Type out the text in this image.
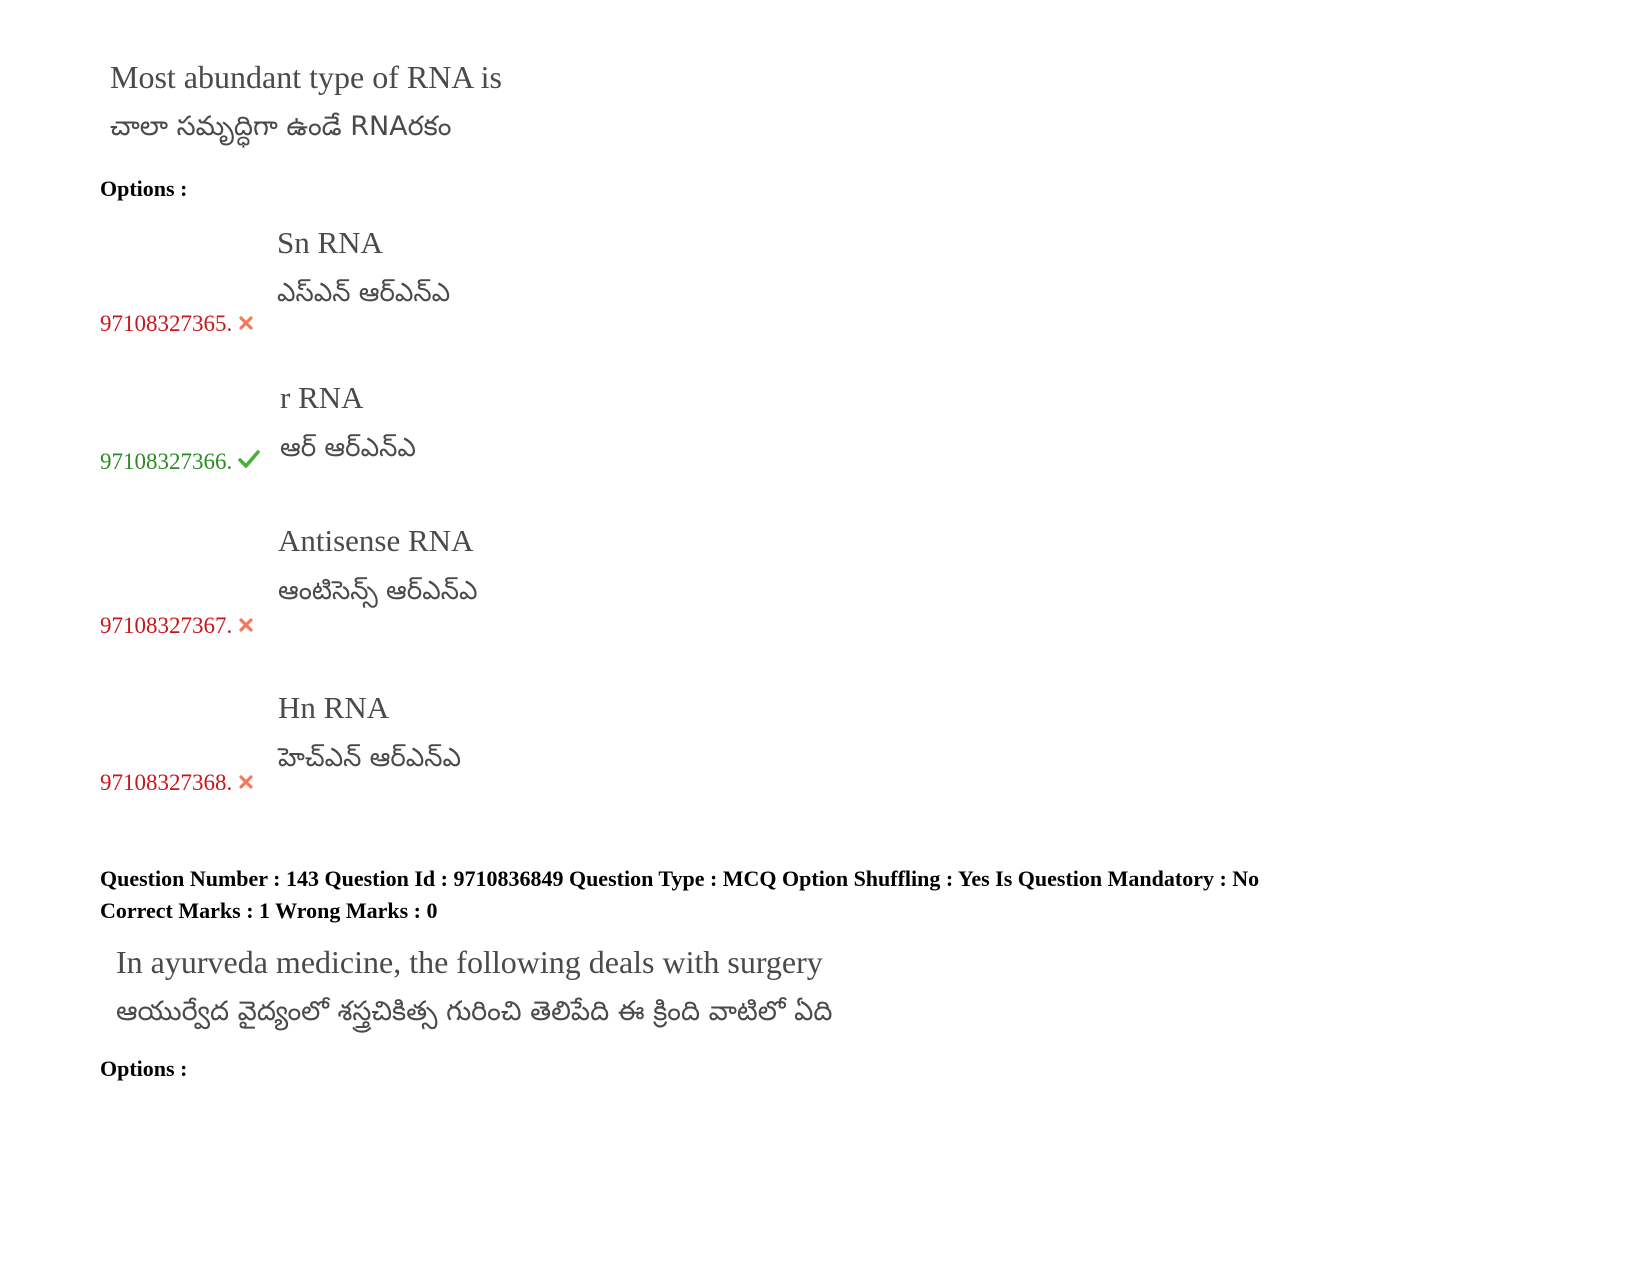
Most abundant type of RNA is
చాలా సమృద్ధిగా ఉండే RNAరకం
Options :
Sn RNA
ఎస్ఎన్ ఆర్ఎన్ఎ
97108327365.
r RNA
ఆర్ ఆర్ఎన్ఎ
97108327366.
Antisense RNA
ఆంటిసెన్స్ ఆర్ఎన్ఎ
97108327367.
Hn RNA
హెచ్ఎన్ ఆర్ఎన్ఎ
97108327368.
Question Number : 143 Question Id : 9710836849 Question Type : MCQ Option Shuffling : Yes Is Question Mandatory : No
Correct Marks : 1 Wrong Marks : 0
In ayurveda medicine, the following deals with surgery
ఆయుర్వేద వైద్యంలో శస్త్రచికిత్స గురించి తెలిపేది ఈ క్రింది వాటిలో ఏది
Options :
